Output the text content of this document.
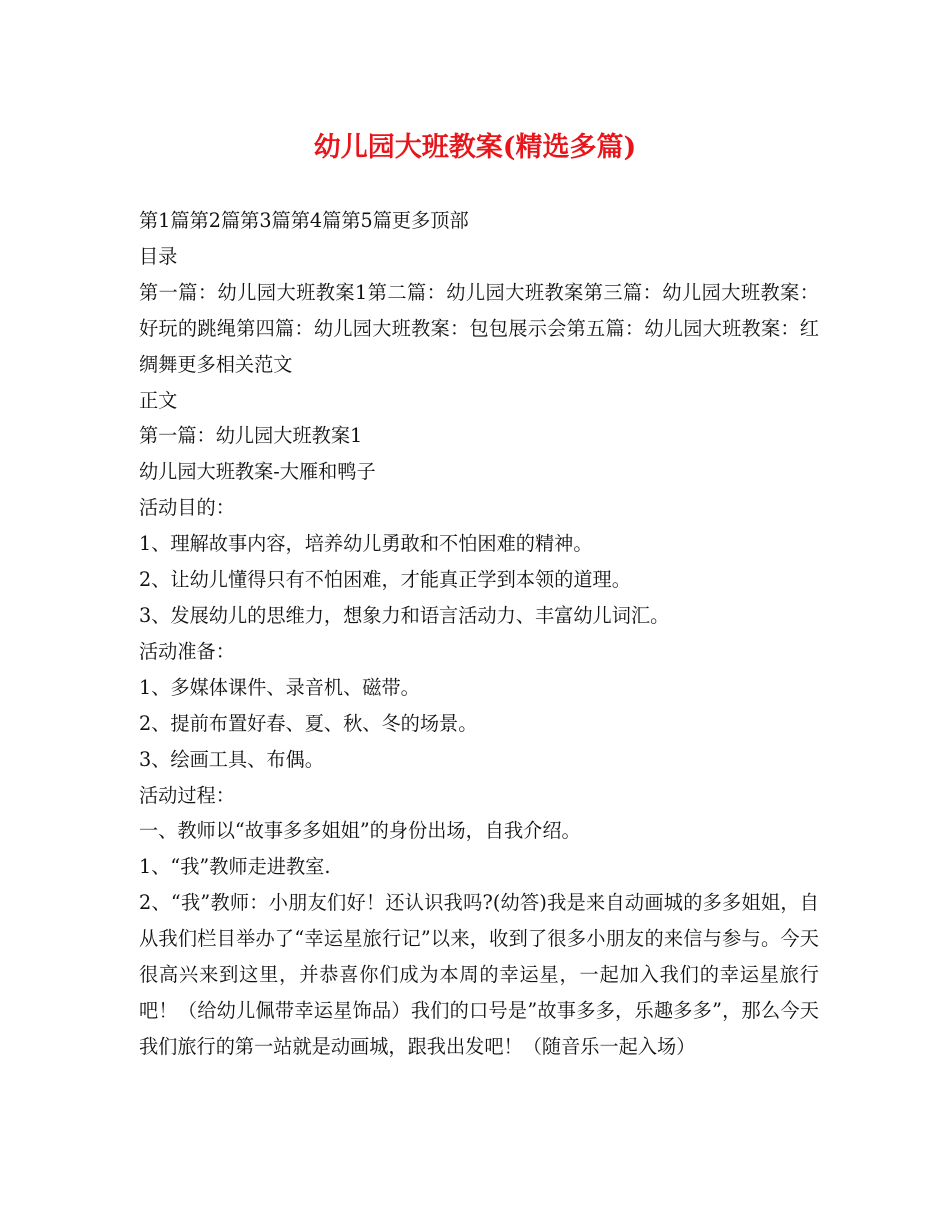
幼儿园大班教案(精选多篇)

第1篇第2篇第3篇第4篇第5篇更多顶部

目录

第一篇：幼儿园大班教案1第二篇：幼儿园大班教案第三篇：幼儿园大班教案：好玩的跳绳第四篇：幼儿园大班教案：包包展示会第五篇：幼儿园大班教案：红绸舞更多相关范文

正文

第一篇：幼儿园大班教案1

幼儿园大班教案-大雁和鸭子

活动目的：

1、理解故事内容，培养幼儿勇敢和不怕困难的精神。

2、让幼儿懂得只有不怕困难，才能真正学到本领的道理。

3、发展幼儿的思维力，想象力和语言活动力、丰富幼儿词汇。

活动准备：

1、多媒体课件、录音机、磁带。

2、提前布置好春、夏、秋、冬的场景。

3、绘画工具、布偶。

活动过程：

一、教师以“故事多多姐姐”的身份出场，自我介绍。

1、“我”教师走进教室.

2、“我”教师：小朋友们好！还认识我吗?(幼答)我是来自动画城的多多姐姐，自从我们栏目举办了“幸运星旅行记”以来，收到了很多小朋友的来信与参与。今天很高兴来到这里，并恭喜你们成为本周的幸运星，一起加入我们的幸运星旅行吧！（给幼儿佩带幸运星饰品）我们的口号是”故事多多，乐趣多多”，那么今天我们旅行的第一站就是动画城，跟我出发吧！（随音乐一起入场）
